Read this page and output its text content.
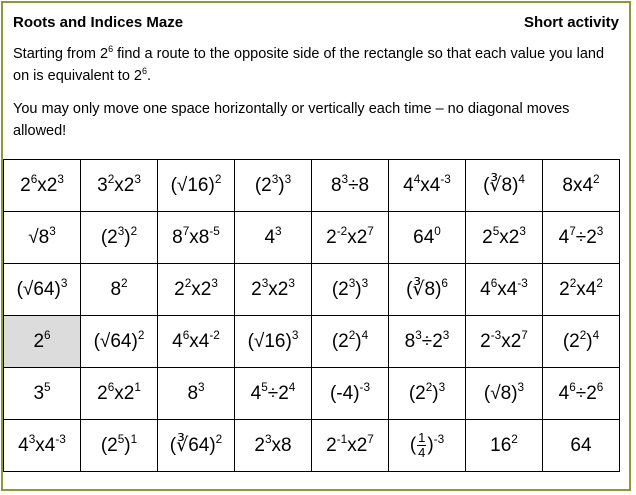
Roots and Indices Maze	Short activity

Starting from $2^6$ find a route to the opposite side of the rectangle so that each value you land on is equivalent to $2^6$.

You may only move one space horizontally or vertically each time – no diagonal moves allowed!

$2^6x2^3$	$3^2x2^3$	$(√16)^2$	$(2^3)^3$	$8^3\div 8$	$4^4x4^{-3}$	(∛8)$^4$	$8x4^2$
$√8^3$	$(2^3)^2$	$8^7x8^{-5}$	$4^3$	$2^{-2}x2^7$	$64^0$	$2^5x2^3$	$4^7\div 2^3$
$(√64)^3$	$8^2$	$2^2x2^3$	$2^3x2^3$	$(2^3)^3$	(∛8)$^6$	$4^6x4^{-3}$	$2^2x4^2$
$2^6$	$(√64)^2$	$4^6x4^{-2}$	$(√16)^3$	$(2^2)^4$	$8^3\div 2^3$	$2^{-3}x2^7$	$(2^2)^4$
$3^5$	$2^6x2^1$	$8^3$	$4^5\div 2^4$	$(-4)^{-3}$	$(2^2)^3$	$(√8)^3$	$4^6\div 2^6$
$4^3x4^{-3}$	$(2^5)^1$	(∛64)$^2$	$2^3x8$	$2^{-1}x2^7$	( $\frac{1}{4} )^{-3}$	$16^2$	64
